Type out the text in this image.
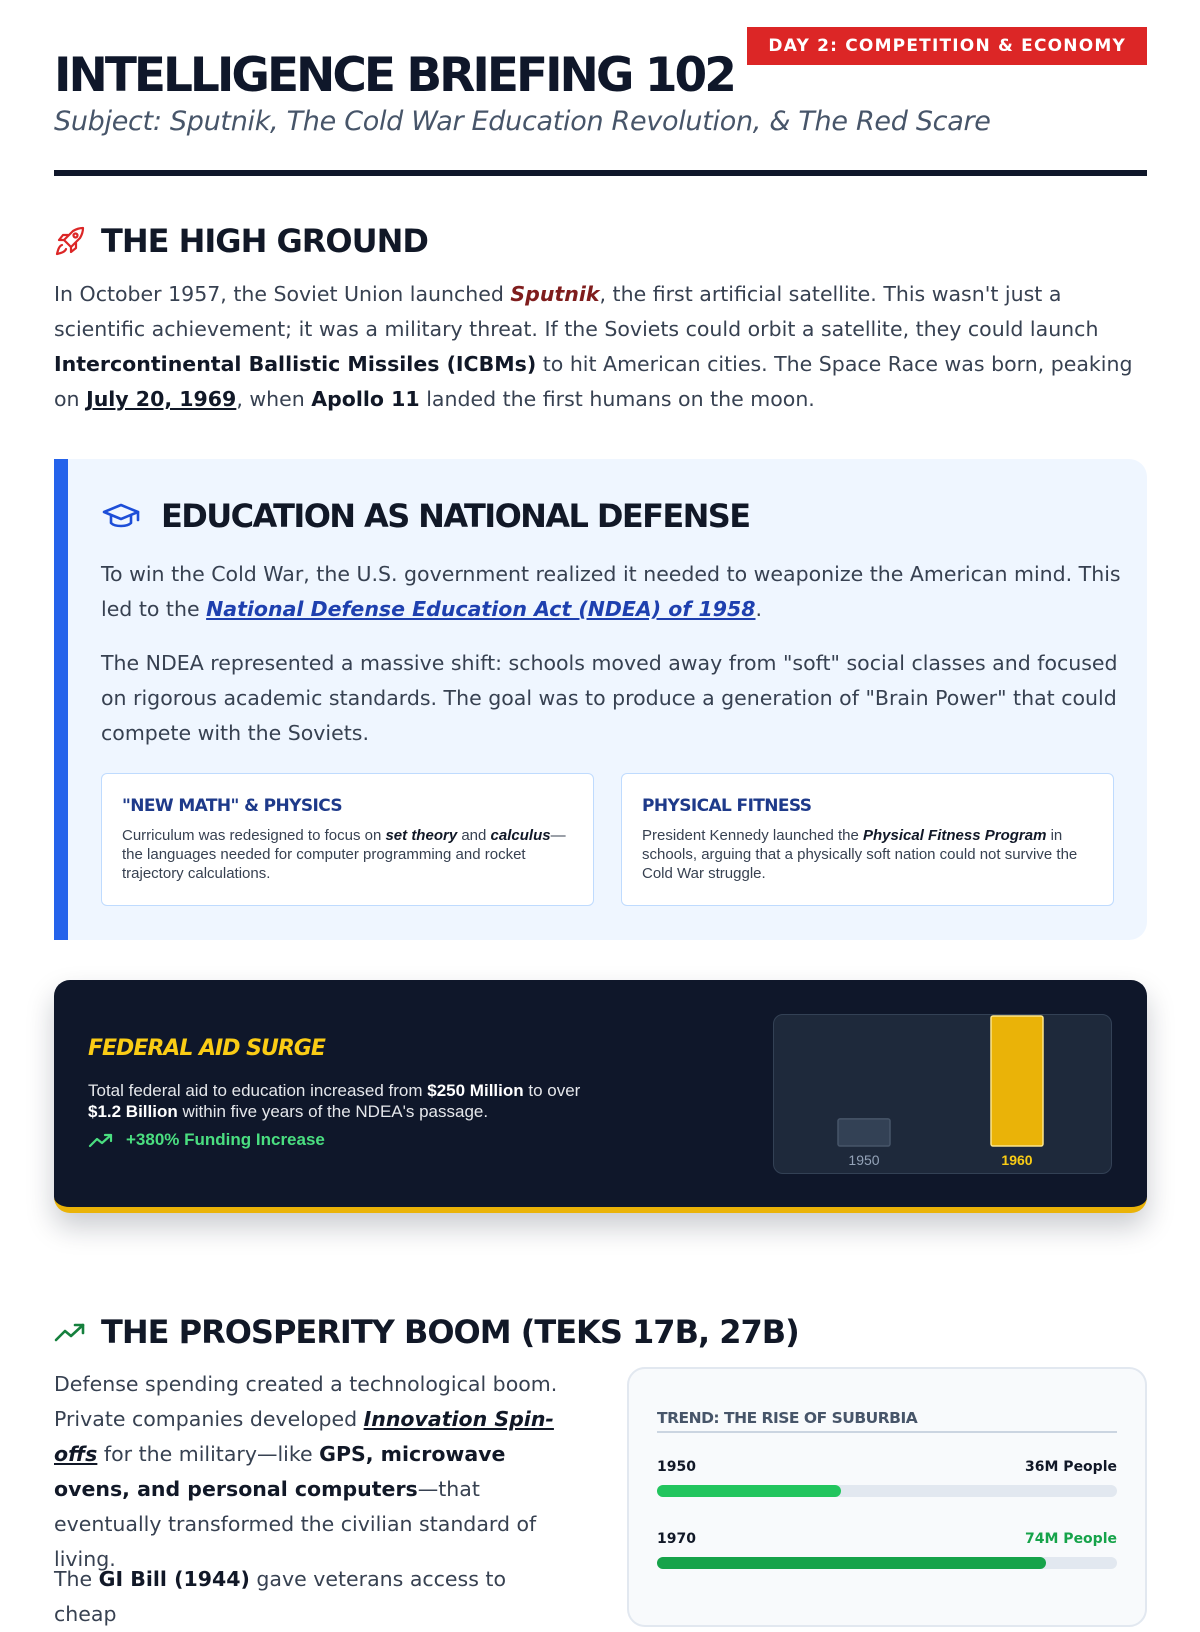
DAY 2: COMPETITION & ECONOMY
INTELLIGENCE BRIEFING 102
Subject: Sputnik, The Cold War Education Revolution, & The Red Scare
THE HIGH GROUND

In October 1957, the Soviet Union launched Sputnik, the first artificial satellite. This wasn't just a scientific achievement; it was a military threat. If the Soviets could orbit a satellite, they could launch Intercontinental Ballistic Missiles (ICBMs) to hit American cities. The Space Race was born, peaking on July 20, 1969, when Apollo 11 landed the first humans on the moon.

EDUCATION AS NATIONAL DEFENSE

To win the Cold War, the U.S. government realized it needed to weaponize the American mind. This led to the National Defense Education Act (NDEA) of 1958.

The NDEA represented a massive shift: schools moved away from "soft" social classes and focused on rigorous academic standards. The goal was to produce a generation of "Brain Power" that could compete with the Soviets.

"NEW MATH" & PHYSICS
Curriculum was redesigned to focus on set theory and calculus—the languages needed for computer programming and rocket trajectory calculations.
PHYSICAL FITNESS
President Kennedy launched the Physical Fitness Program in schools, arguing that a physically soft nation could not survive the Cold War struggle.
FEDERAL AID SURGE
Total federal aid to education increased from $250 Million to over $1.2 Billion within five years of the NDEA's passage.
+380% Funding Increase
1950	1960
THE PROSPERITY BOOM (TEKS 17B, 27B)

Defense spending created a technological boom. Private companies developed Innovation Spin-offs for the military—like GPS, microwave ovens, and personal computers—that eventually transformed the civilian standard of living.

The GI Bill (1944) gave veterans access to cheap

TREND: THE RISE OF SUBURBIA
1950	36M People
1970	74M People
